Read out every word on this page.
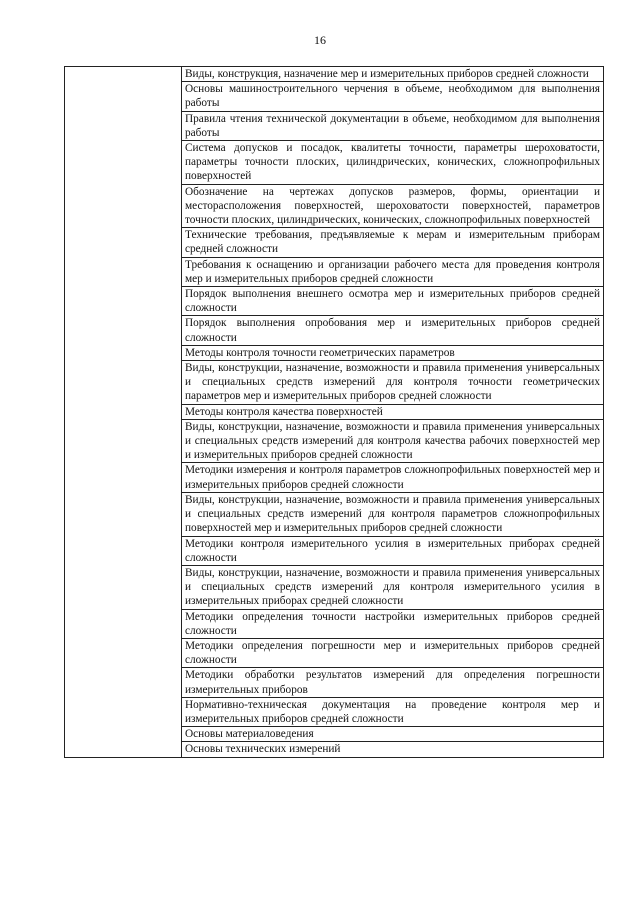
16
	Виды, конструкция, назначение мер и измерительных приборов средней сложности
Основы машиностроительного черчения в объеме, необходимом для выполнения работы
Правила чтения технической документации в объеме, необходимом для выполнения работы
Система допусков и посадок, квалитеты точности, параметры шероховатости, параметры точности плоских, цилиндрических, конических, сложнопрофильных поверхностей
Обозначение на чертежах допусков размеров, формы, ориентации и месторасположения поверхностей, шероховатости поверхностей, параметров точности плоских, цилиндрических, конических, сложнопрофильных поверхностей
Технические требования, предъявляемые к мерам и измерительным приборам средней сложности
Требования к оснащению и организации рабочего места для проведения контроля мер и измерительных приборов средней сложности
Порядок выполнения внешнего осмотра мер и измерительных приборов средней сложности
Порядок выполнения опробования мер и измерительных приборов средней сложности
Методы контроля точности геометрических параметров
Виды, конструкции, назначение, возможности и правила применения универсальных и специальных средств измерений для контроля точности геометрических параметров мер и измерительных приборов средней сложности
Методы контроля качества поверхностей
Виды, конструкции, назначение, возможности и правила применения универсальных и специальных средств измерений для контроля качества рабочих поверхностей мер и измерительных приборов средней сложности
Методики измерения и контроля параметров сложнопрофильных поверхностей мер и измерительных приборов средней сложности
Виды, конструкции, назначение, возможности и правила применения универсальных и специальных средств измерений для контроля параметров сложнопрофильных поверхностей мер и измерительных приборов средней сложности
Методики контроля измерительного усилия в измерительных приборах средней сложности
Виды, конструкции, назначение, возможности и правила применения универсальных и специальных средств измерений для контроля измерительного усилия в измерительных приборах средней сложности
Методики определения точности настройки измерительных приборов средней сложности
Методики определения погрешности мер и измерительных приборов средней сложности
Методики обработки результатов измерений для определения погрешности измерительных приборов
Нормативно-техническая документация на проведение контроля мер и измерительных приборов средней сложности
Основы материаловедения
Основы технических измерений
